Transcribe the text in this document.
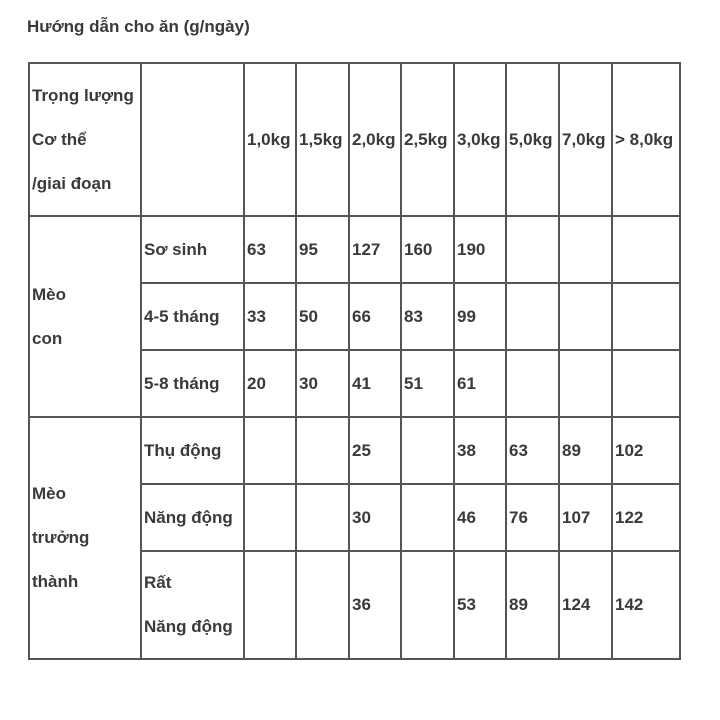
Hướng dẫn cho ăn (g/ngày)
Trọng lượng
Cơ thể
/giai đoạn		1,0kg	1,5kg	2,0kg	2,5kg	3,0kg	5,0kg	7,0kg	> 8,0kg

Mèo
con	Sơ sinh	63	95	127	160	190			
	4-5 tháng	33	50	66	83	99			
	5-8 tháng	20	30	41	51	61			

Mèo
trưởng
thành	Thụ động			25		38	63	89	102
	Năng động			30		46	76	107	122

	Rất
Năng động			36		53	89	124	142
